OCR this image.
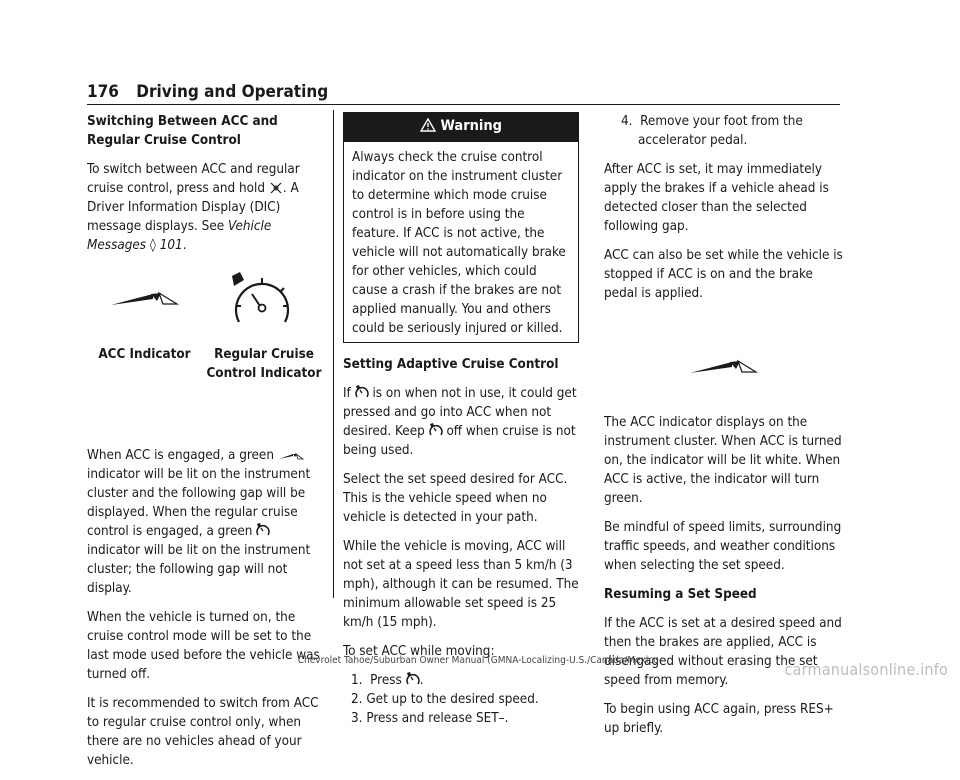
176 Driving and Operating

Switching Between ACC and Regular Cruise Control

To switch between ACC and regular cruise control, press and hold . A Driver Information Display (DIC) message displays. See Vehicle Messages ◊ 101.

ACC Indicator	Regular Cruise Control Indicator

When ACC is engaged, a green  indicator will be lit on the instrument cluster and the following gap will be displayed. When the regular cruise control is engaged, a green  indicator will be lit on the instrument cluster; the following gap will not display.

When the vehicle is turned on, the cruise control mode will be set to the last mode used before the vehicle was turned off.

It is recommended to switch from ACC to regular cruise control only, when there are no vehicles ahead of your vehicle.

Warning
Always check the cruise control indicator on the instrument cluster to determine which mode cruise control is in before using the feature. If ACC is not active, the vehicle will not automatically brake for other vehicles, which could cause a crash if the brakes are not applied manually. You and others could be seriously injured or killed.

Setting Adaptive Cruise Control

If is on when not in use, it could get pressed and go into ACC when not desired. Keep off when cruise is not being used.

Select the set speed desired for ACC. This is the vehicle speed when no vehicle is detected in your path.

While the vehicle is moving, ACC will not set at a speed less than 5 km/h (3 mph), although it can be resumed. The minimum allowable set speed is 25 km/h (15 mph).

To set ACC while moving:

1. Press .
2. Get up to the desired speed.
3. Press and release SET–.
4. Remove your foot from the accelerator pedal.

After ACC is set, it may immediately apply the brakes if a vehicle ahead is detected closer than the selected following gap.

ACC can also be set while the vehicle is stopped if ACC is on and the brake pedal is applied.

The ACC indicator displays on the instrument cluster. When ACC is turned on, the indicator will be lit white. When ACC is active, the indicator will turn green.

Be mindful of speed limits, surrounding traffic speeds, and weather conditions when selecting the set speed.

Resuming a Set Speed

If the ACC is set at a desired speed and then the brakes are applied, ACC is disengaged without erasing the set speed from memory.

To begin using ACC again, press RES+ up briefly.

Chevrolet Tahoe/Suburban Owner Manual (GMNA-Localizing-U.S./Canada/Mexico-	carmanualsonline.info
